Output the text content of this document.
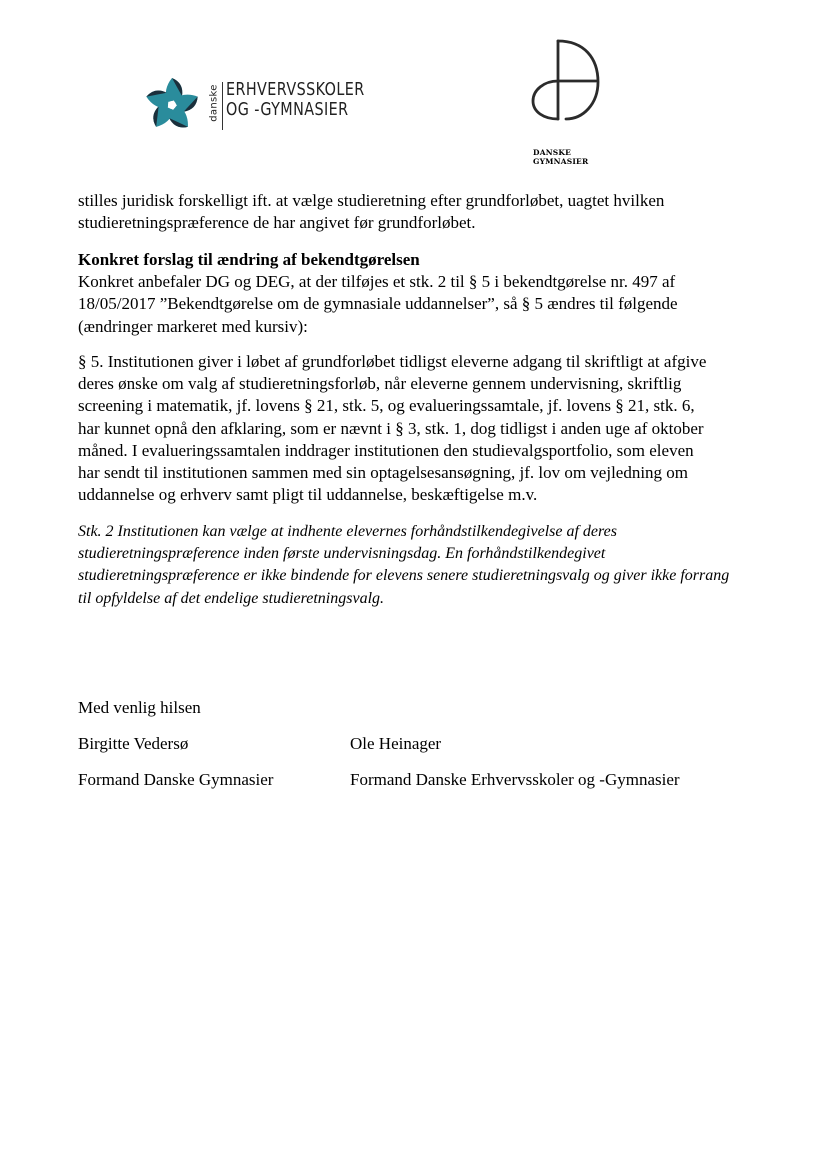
danske ERHVERVSSKOLER
OG -GYMNASIER
DANSKE
GYMNASIER
stilles juridisk forskelligt ift. at vælge studieretning efter grundforløbet, uagtet hvilken
studieretningspræference de har angivet før grundforløbet.
Konkret forslag til ændring af bekendtgørelsen
Konkret anbefaler DG og DEG, at der tilføjes et stk. 2 til § 5 i bekendtgørelse nr. 497 af
18/05/2017 ”Bekendtgørelse om de gymnasiale uddannelser”, så § 5 ændres til følgende
(ændringer markeret med kursiv):
§ 5. Institutionen giver i løbet af grundforløbet tidligst eleverne adgang til skriftligt at afgive
deres ønske om valg af studieretningsforløb, når eleverne gennem undervisning, skriftlig
screening i matematik, jf. lovens § 21, stk. 5, og evalueringssamtale, jf. lovens § 21, stk. 6,
har kunnet opnå den afklaring, som er nævnt i § 3, stk. 1, dog tidligst i anden uge af oktober
måned. I evalueringssamtalen inddrager institutionen den studievalgsportfolio, som eleven
har sendt til institutionen sammen med sin optagelsesansøgning, jf. lov om vejledning om
uddannelse og erhverv samt pligt til uddannelse, beskæftigelse m.v.
Stk. 2 Institutionen kan vælge at indhente elevernes forhåndstilkendegivelse af deres
studieretningspræference inden første undervisningsdag. En forhåndstilkendegivet
studieretningspræference er ikke bindende for elevens senere studieretningsvalg og giver ikke forrang
til opfyldelse af det endelige studieretningsvalg.
Med venlig hilsen
Birgitte Vedersø	Ole Heinager
Formand Danske Gymnasier	Formand Danske Erhvervsskoler og -Gymnasier
